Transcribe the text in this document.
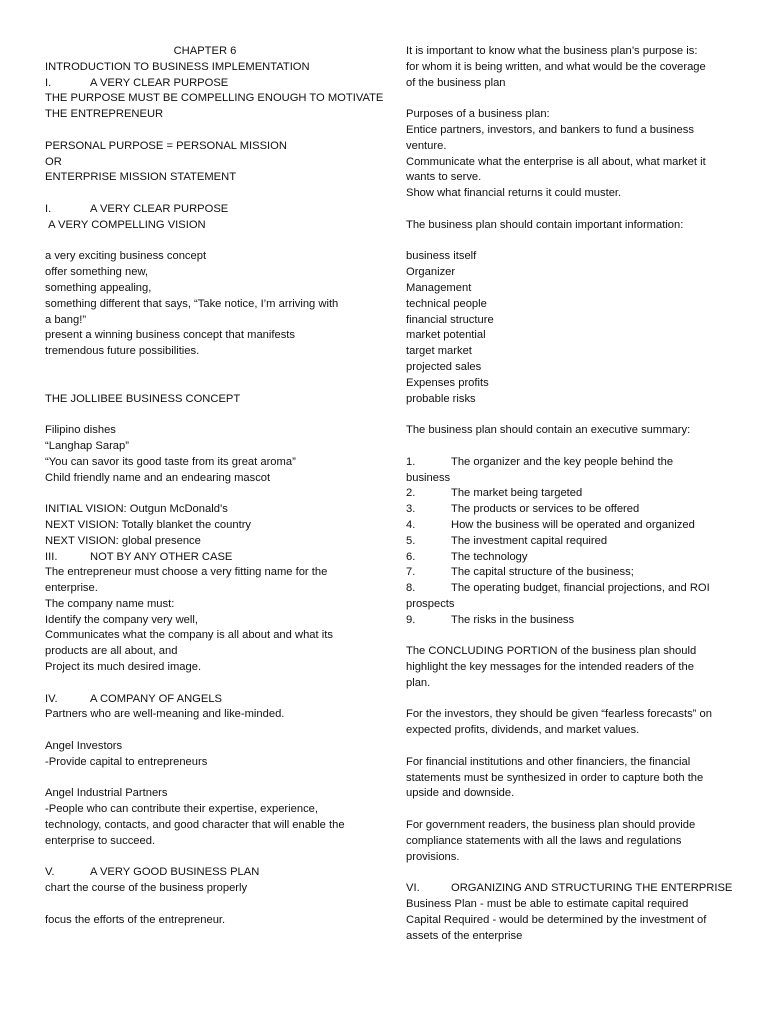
CHAPTER 6
INTRODUCTION TO BUSINESS IMPLEMENTATION
I.	A VERY CLEAR PURPOSE
THE PURPOSE MUST BE COMPELLING ENOUGH TO MOTIVATE
THE ENTREPRENEUR
PERSONAL PURPOSE = PERSONAL MISSION
OR
ENTERPRISE MISSION STATEMENT
I.	A VERY CLEAR PURPOSE
A VERY COMPELLING VISION
a very exciting business concept
offer something new,
something appealing,
something different that says, “Take notice, I’m arriving with
a bang!”
present a winning business concept that manifests
tremendous future possibilities.
THE JOLLIBEE BUSINESS CONCEPT
Filipino dishes
“Langhap Sarap”
“You can savor its good taste from its great aroma”
Child friendly name and an endearing mascot
INITIAL VISION: Outgun McDonald’s
NEXT VISION: Totally blanket the country
NEXT VISION: global presence
III.	NOT BY ANY OTHER CASE
The entrepreneur must choose a very fitting name for the
enterprise.
The company name must:
Identify the company very well,
Communicates what the company is all about and what its
products are all about, and
Project its much desired image.
IV.	A COMPANY OF ANGELS
Partners who are well-meaning and like-minded.
Angel Investors
-Provide capital to entrepreneurs
Angel Industrial Partners
-People who can contribute their expertise, experience,
technology, contacts, and good character that will enable the
enterprise to succeed.
V.	A VERY GOOD BUSINESS PLAN
chart the course of the business properly
focus the efforts of the entrepreneur.
It is important to know what the business plan’s purpose is:
for whom it is being written, and what would be the coverage
of the business plan
Purposes of a business plan:
Entice partners, investors, and bankers to fund a business
venture.
Communicate what the enterprise is all about, what market it
wants to serve.
Show what financial returns it could muster.
The business plan should contain important information:
business itself
Organizer
Management
technical people
financial structure
market potential
target market
projected sales
Expenses profits
probable risks
The business plan should contain an executive summary:
1.	The organizer and the key people behind the
business
2.	The market being targeted
3.	The products or services to be offered
4.	How the business will be operated and organized
5.	The investment capital required
6.	The technology
7.	The capital structure of the business;
8.	The operating budget, financial projections, and ROI
prospects
9.	The risks in the business
The CONCLUDING PORTION of the business plan should
highlight the key messages for the intended readers of the
plan.
For the investors, they should be given “fearless forecasts” on
expected profits, dividends, and market values.
For financial institutions and other financiers, the financial
statements must be synthesized in order to capture both the
upside and downside.
For government readers, the business plan should provide
compliance statements with all the laws and regulations
provisions.
VI.	ORGANIZING AND STRUCTURING THE ENTERPRISE
Business Plan - must be able to estimate capital required
Capital Required - would be determined by the investment of
assets of the enterprise
